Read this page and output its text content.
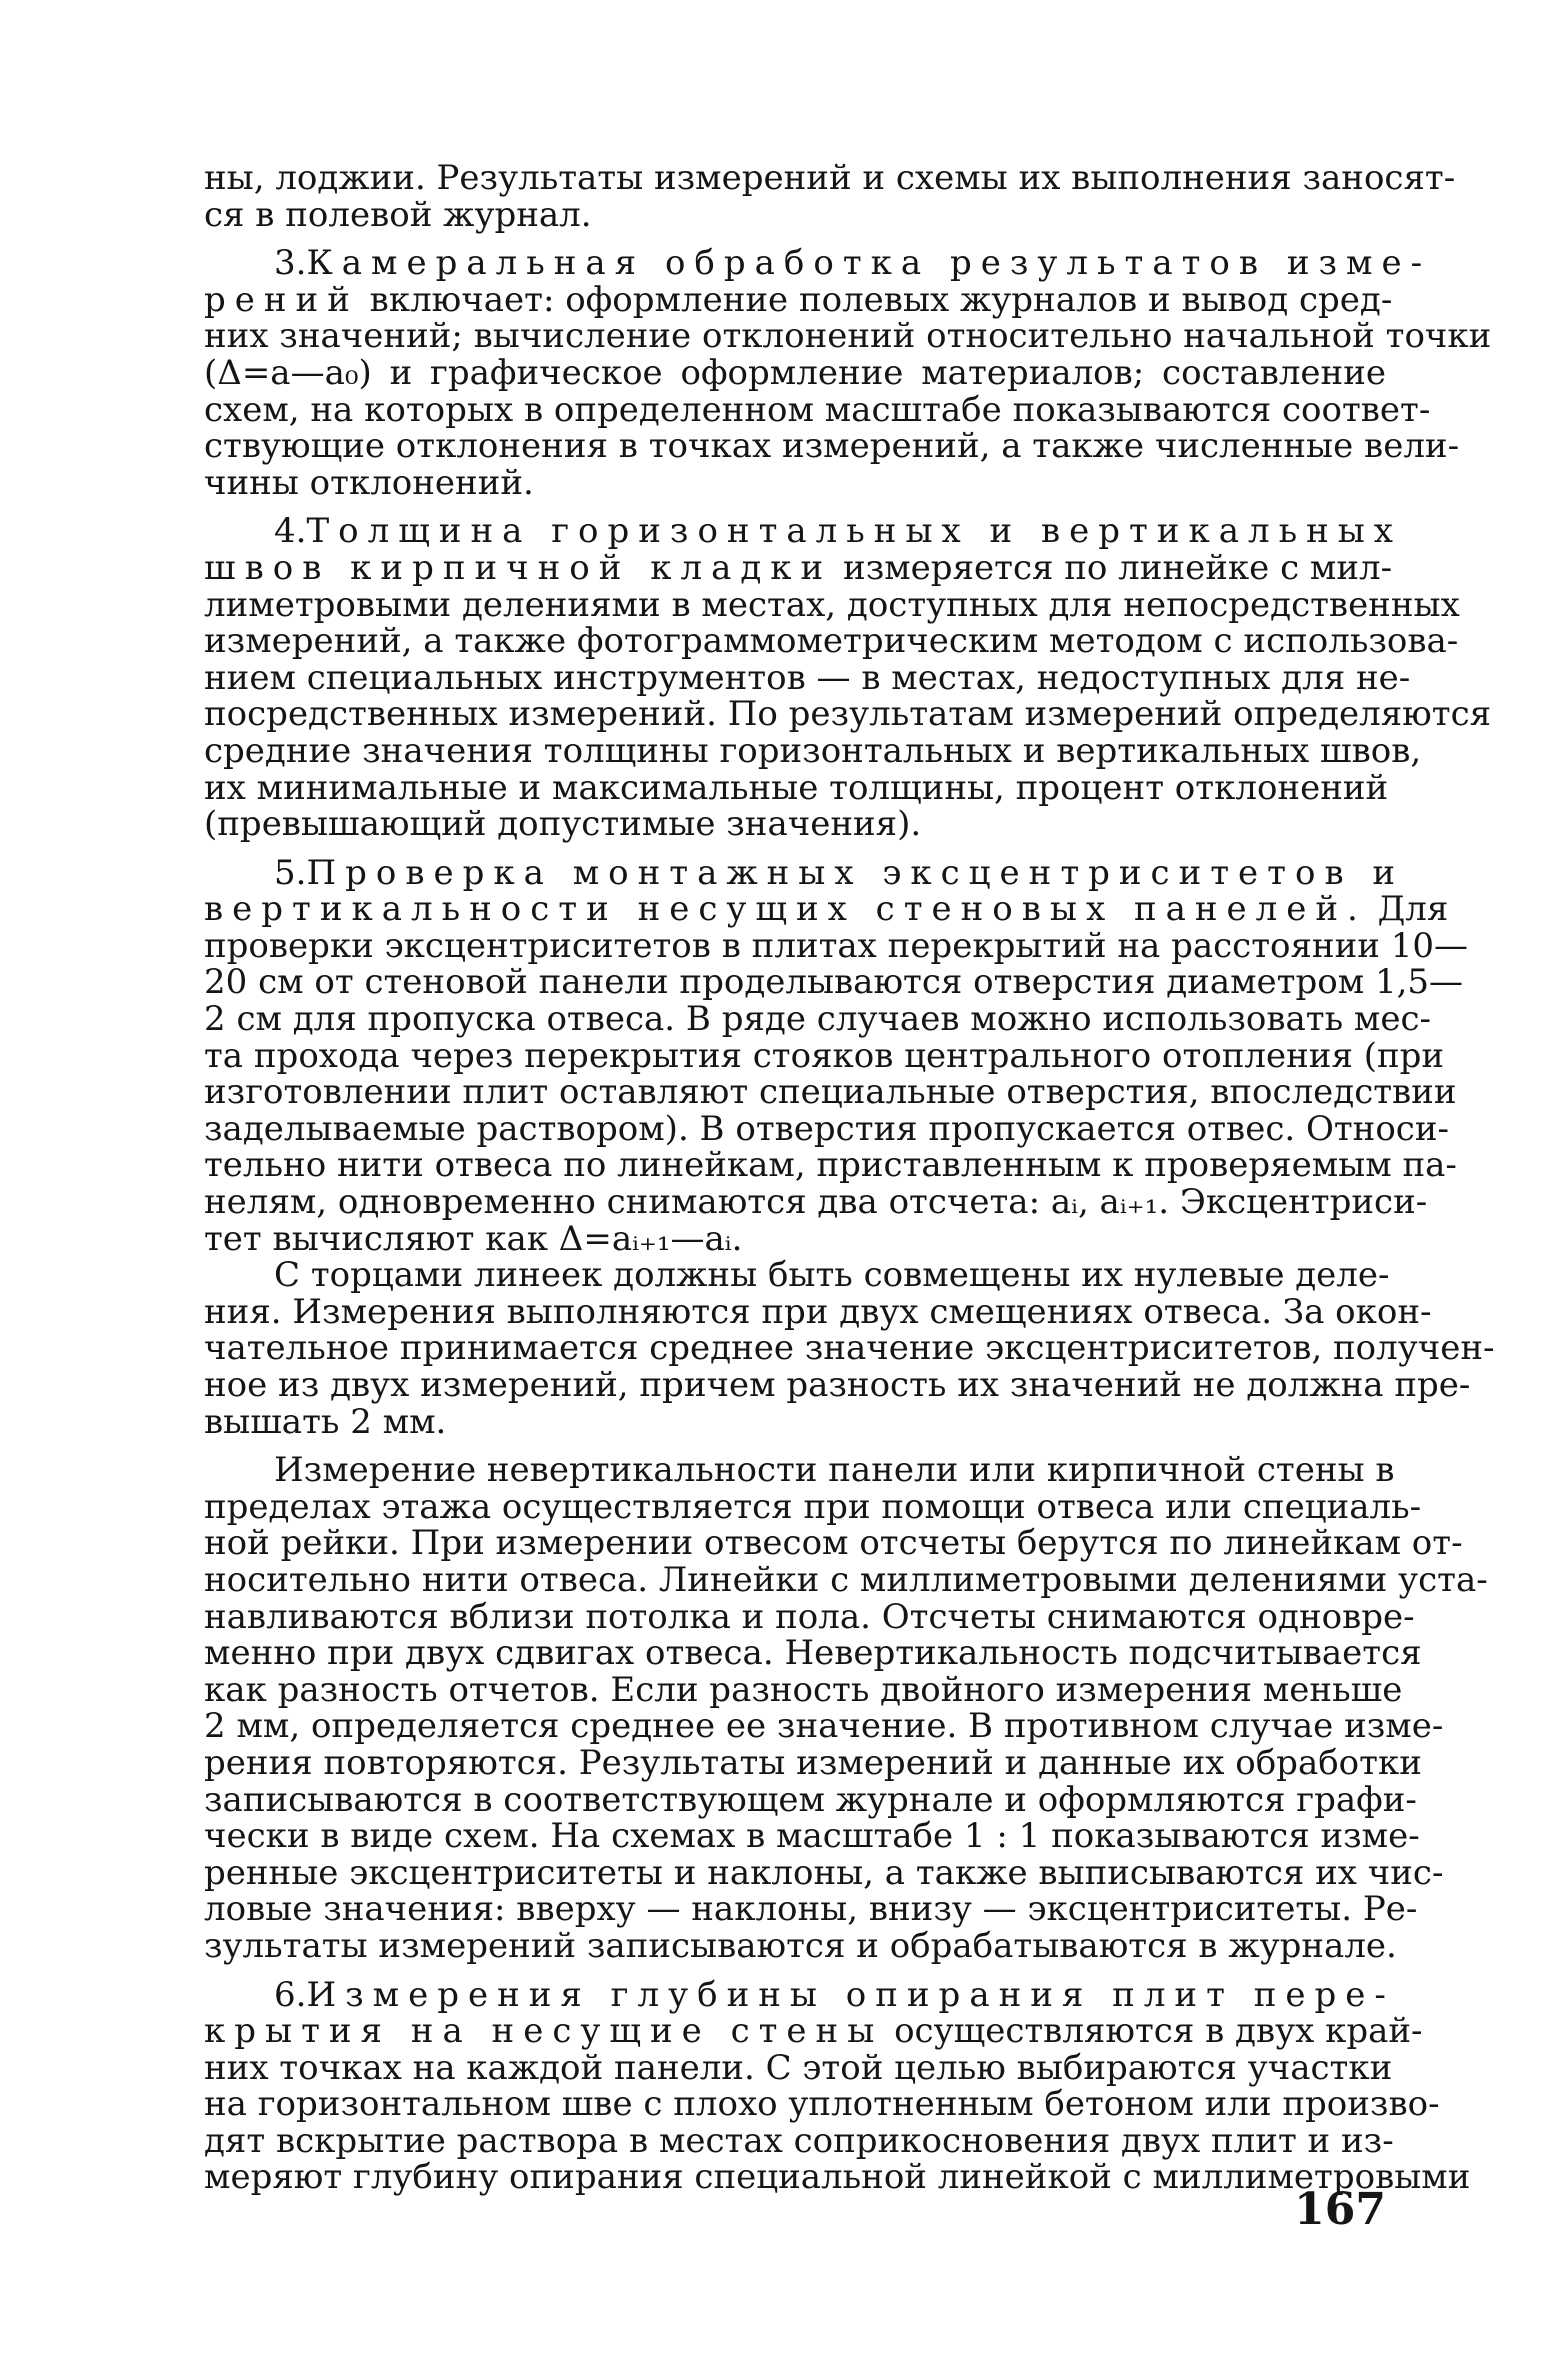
ны, лоджии. Результаты измерений и схемы их выполнения заносят-
ся в полевой журнал.
3.Камеральная обработка результатов изме-
рений включает: оформление полевых журналов и вывод сред-
них значений; вычисление отклонений относительно начальной точки
(Δ=a—a₀) и графическое оформление материалов; составление
схем, на которых в определенном масштабе показываются соответ-
ствующие отклонения в точках измерений, а также численные вели-
чины отклонений.
4.Толщина горизонтальных и вертикальных
швов кирпичной кладки измеряется по линейке с мил-
лиметровыми делениями в местах, доступных для непосредственных
измерений, а также фотограммометрическим методом с использова-
нием специальных инструментов — в местах, недоступных для не-
посредственных измерений. По результатам измерений определяются
средние значения толщины горизонтальных и вертикальных швов,
их минимальные и максимальные толщины, процент отклонений
(превышающий допустимые значения).
5.Проверка монтажных эксцентриситетов и
вертикальности несущих стеновых панелей. Для
проверки эксцентриситетов в плитах перекрытий на расстоянии 10—
20 см от стеновой панели проделываются отверстия диаметром 1,5—
2 см для пропуска отвеса. В ряде случаев можно использовать мес-
та прохода через перекрытия стояков центрального отопления (при
изготовлении плит оставляют специальные отверстия, впоследствии
заделываемые раствором). В отверстия пропускается отвес. Относи-
тельно нити отвеса по линейкам, приставленным к проверяемым па-
нелям, одновременно снимаются два отсчета: aᵢ, aᵢ₊₁. Эксцентриси-
тет вычисляют как Δ=aᵢ₊₁—aᵢ.
С торцами линеек должны быть совмещены их нулевые деле-
ния. Измерения выполняются при двух смещениях отвеса. За окон-
чательное принимается среднее значение эксцентриситетов, получен-
ное из двух измерений, причем разность их значений не должна пре-
вышать 2 мм.
Измерение невертикальности панели или кирпичной стены в
пределах этажа осуществляется при помощи отвеса или специаль-
ной рейки. При измерении отвесом отсчеты берутся по линейкам от-
носительно нити отвеса. Линейки с миллиметровыми делениями уста-
навливаются вблизи потолка и пола. Отсчеты снимаются одновре-
менно при двух сдвигах отвеса. Невертикальность подсчитывается
как разность отчетов. Если разность двойного измерения меньше
2 мм, определяется среднее ее значение. В противном случае изме-
рения повторяются. Результаты измерений и данные их обработки
записываются в соответствующем журнале и оформляются графи-
чески в виде схем. На схемах в масштабе 1 : 1 показываются изме-
ренные эксцентриситеты и наклоны, а также выписываются их чис-
ловые значения: вверху — наклоны, внизу — эксцентриситеты. Ре-
зультаты измерений записываются и обрабатываются в журнале.
6.Измерения глубины опирания плит пере-
крытия на несущие стены осуществляются в двух край-
них точках на каждой панели. С этой целью выбираются участки
на горизонтальном шве с плохо уплотненным бетоном или произво-
дят вскрытие раствора в местах соприкосновения двух плит и из-
меряют глубину опирания специальной линейкой с миллиметровыми
167
